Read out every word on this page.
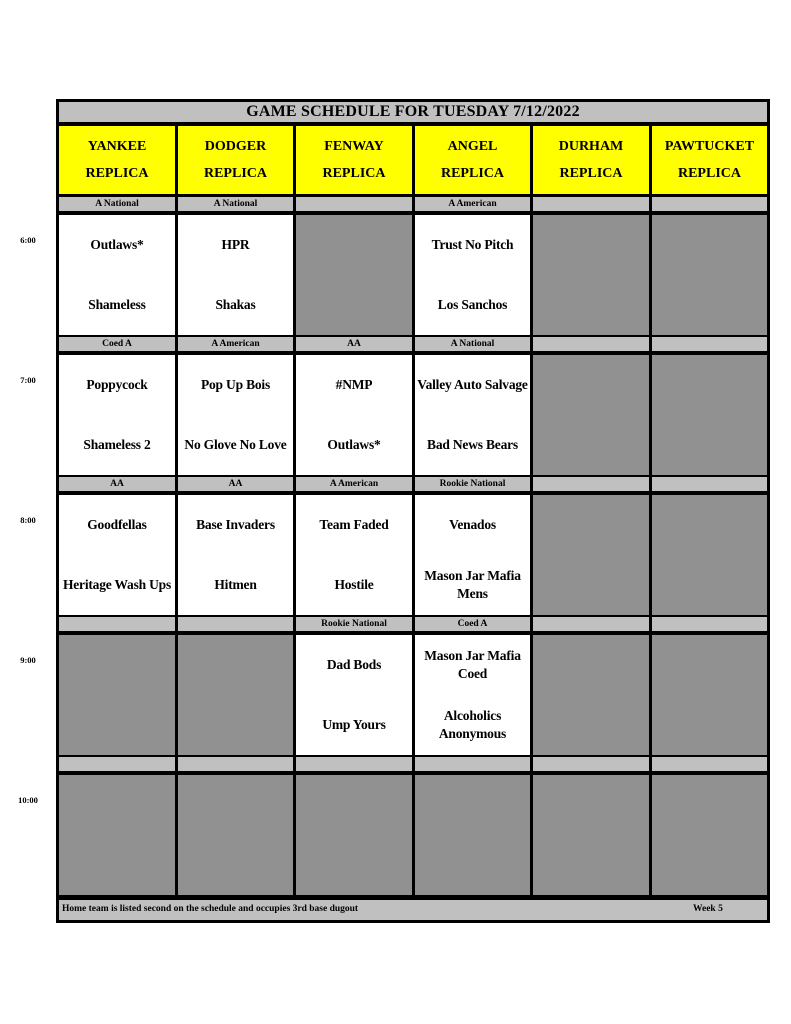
GAME SCHEDULE FOR TUESDAY 7/12/2022
YANKEE
REPLICA
DODGER
REPLICA
FENWAY
REPLICA
ANGEL
REPLICA
DURHAM
REPLICA
PAWTUCKET
REPLICA
A National
Outlaws*
Shameless
A National
HPR
Shakas
A American
Trust No Pitch
Los Sanchos
Coed A
Poppycock
Shameless 2
A American
Pop Up Bois
No Glove No Love
AA
#NMP
Outlaws*
A National
Valley Auto Salvage
Bad News Bears
AA
Goodfellas
Heritage Wash Ups
AA
Base Invaders
Hitmen
A American
Team Faded
Hostile
Rookie National
Venados
Mason Jar Mafia Mens
Rookie National
Dad Bods
Ump Yours
Coed A
Mason Jar Mafia Coed
Alcoholics Anonymous
Home team is listed second on the schedule and occupies 3rd base dugout	Week 5
6:00
7:00
8:00
9:00
10:00
